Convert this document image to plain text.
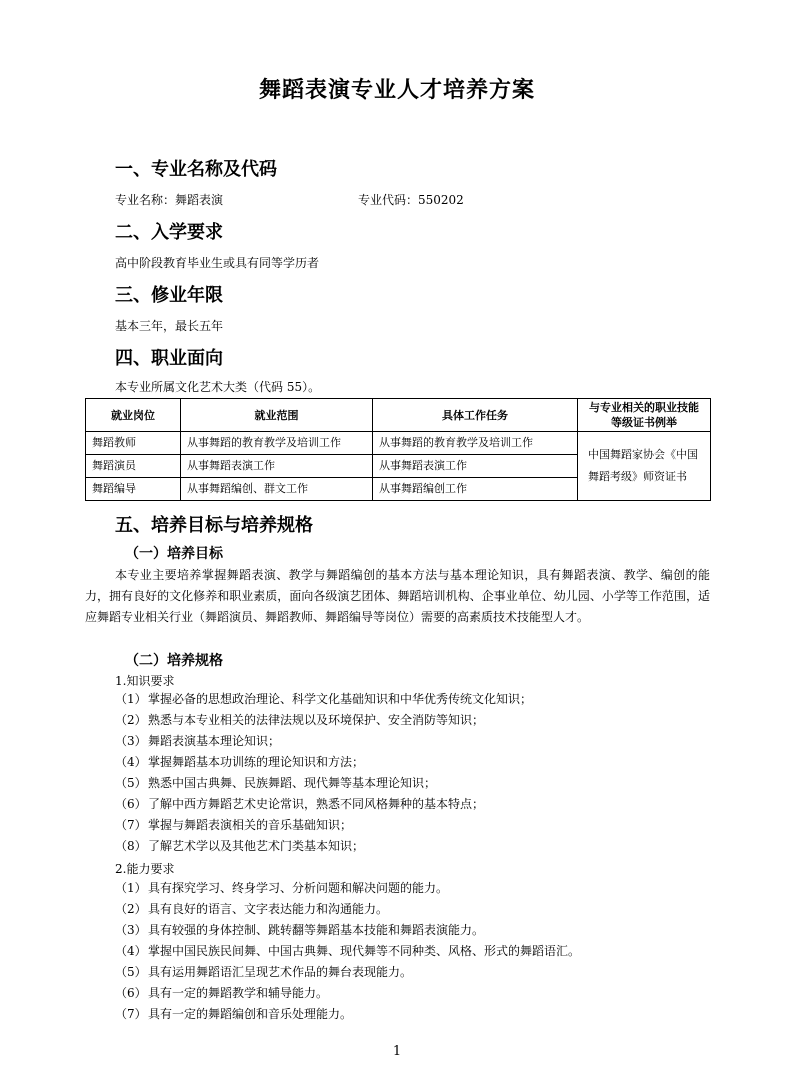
舞蹈表演专业人才培养方案
一、专业名称及代码
专业名称：舞蹈表演	专业代码：550202
二、入学要求
高中阶段教育毕业生或具有同等学历者
三、修业年限
基本三年，最长五年
四、职业面向
本专业所属文化艺术大类（代码 55）。
就业岗位	就业范围	具体工作任务	与专业相关的职业技能等级证书例举
舞蹈教师	从事舞蹈的教育教学及培训工作	从事舞蹈的教育教学及培训工作	中国舞蹈家协会《中国舞蹈考级》师资证书
舞蹈演员	从事舞蹈表演工作	从事舞蹈表演工作	
舞蹈编导	从事舞蹈编创、群文工作	从事舞蹈编创工作	
五、培养目标与培养规格
（一）培养目标
本专业主要培养掌握舞蹈表演、教学与舞蹈编创的基本方法与基本理论知识，具有舞蹈表演、教学、编创的能力，拥有良好的文化修养和职业素质，面向各级演艺团体、舞蹈培训机构、企事业单位、幼儿园、小学等工作范围，适应舞蹈专业相关行业（舞蹈演员、舞蹈教师、舞蹈编导等岗位）需要的高素质技术技能型人才。
（二）培养规格
1.知识要求
（1）掌握必备的思想政治理论、科学文化基础知识和中华优秀传统文化知识；
（2）熟悉与本专业相关的法律法规以及环境保护、安全消防等知识；
（3）舞蹈表演基本理论知识；
（4）掌握舞蹈基本功训练的理论知识和方法；
（5）熟悉中国古典舞、民族舞蹈、现代舞等基本理论知识；
（6）了解中西方舞蹈艺术史论常识，熟悉不同风格舞种的基本特点；
（7）掌握与舞蹈表演相关的音乐基础知识；
（8）了解艺术学以及其他艺术门类基本知识；
2.能力要求
（1）具有探究学习、终身学习、分析问题和解决问题的能力。
（2）具有良好的语言、文字表达能力和沟通能力。
（3）具有较强的身体控制、跳转翻等舞蹈基本技能和舞蹈表演能力。
（4）掌握中国民族民间舞、中国古典舞、现代舞等不同种类、风格、形式的舞蹈语汇。
（5）具有运用舞蹈语汇呈现艺术作品的舞台表现能力。
（6）具有一定的舞蹈教学和辅导能力。
（7）具有一定的舞蹈编创和音乐处理能力。
1
